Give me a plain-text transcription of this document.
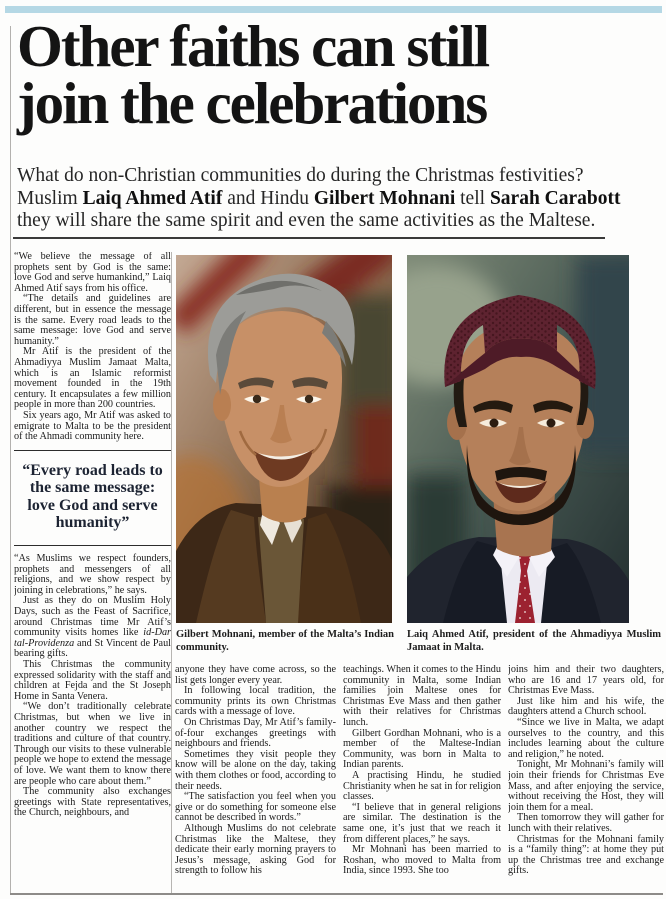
Other faiths can still
join the celebrations
What do non-Christian communities do during the Christmas festivities?
Muslim Laiq Ahmed Atif and Hindu Gilbert Mohnani tell Sarah Carabott
they will share the same spirit and even the same activities as the Maltese.

“We believe the message of all prophets sent by God is the same: love God and serve humankind,” Laiq Ahmed Atif says from his office.

“The details and guidelines are different, but in essence the message is the same. Every road leads to the same message: love God and serve humanity.”

Mr Atif is the president of the Ahmadiyya Muslim Jamaat Malta, which is an Islamic reformist movement founded in the 19th century. It encapsulates a few million people in more than 200 countries.

Six years ago, Mr Atif was asked to emigrate to Malta to be the president of the Ahmadi community here.

“Every road leads to the same message: love God and serve humanity”

“As Muslims we respect founders, prophets and messengers of all religions, and we show respect by joining in celebrations,” he says.

Just as they do on Muslim Holy Days, such as the Feast of Sacrifice, around Christmas time Mr Atif’s community visits homes like id-Dar tal-Providenza and St Vincent de Paul bearing gifts.

This Christmas the community expressed solidarity with the staff and children at Fejda and the St Joseph Home in Santa Venera.

“We don’t traditionally celebrate Christmas, but when we live in another country we respect the traditions and culture of that country. Through our visits to these vulnerable people we hope to extend the message of love. We want them to know there are people who care about them.”

The community also exchanges greetings with State representatives, the Church, neighbours, and

Gilbert Mohnani, member of the Malta’s Indian community.
Laiq Ahmed Atif, president of the Ahmadiyya Muslim Jamaat in Malta.

anyone they have come across, so the list gets longer every year.

In following local tradition, the community prints its own Christmas cards with a message of love.

On Christmas Day, Mr Atif’s family-of-four exchanges greetings with neighbours and friends.

Sometimes they visit people they know will be alone on the day, taking with them clothes or food, according to their needs.

“The satisfaction you feel when you give or do something for someone else cannot be described in words.”

Although Muslims do not celebrate Christmas like the Maltese, they dedicate their early morning prayers to Jesus’s message, asking God for strength to follow his

teachings. When it comes to the Hindu community in Malta, some Indian families join Maltese ones for Christmas Eve Mass and then gather with their relatives for Christmas lunch.

Gilbert Gordhan Mohnani, who is a member of the Maltese-Indian Community, was born in Malta to Indian parents.

A practising Hindu, he studied Christianity when he sat in for religion classes.

“I believe that in general religions are similar. The destination is the same one, it’s just that we reach it from different places,” he says.

Mr Mohnani has been married to Roshan, who moved to Malta from India, since 1993. She too

joins him and their two daughters, who are 16 and 17 years old, for Christmas Eve Mass.

Just like him and his wife, the daughters attend a Church school.

“Since we live in Malta, we adapt ourselves to the country, and this includes learning about the culture and religion,” he noted.

Tonight, Mr Mohnani’s family will join their friends for Christmas Eve Mass, and after enjoying the service, without receiving the Host, they will join them for a meal.

Then tomorrow they will gather for lunch with their relatives.

Christmas for the Mohnani family is a “family thing”: at home they put up the Christmas tree and exchange gifts.
